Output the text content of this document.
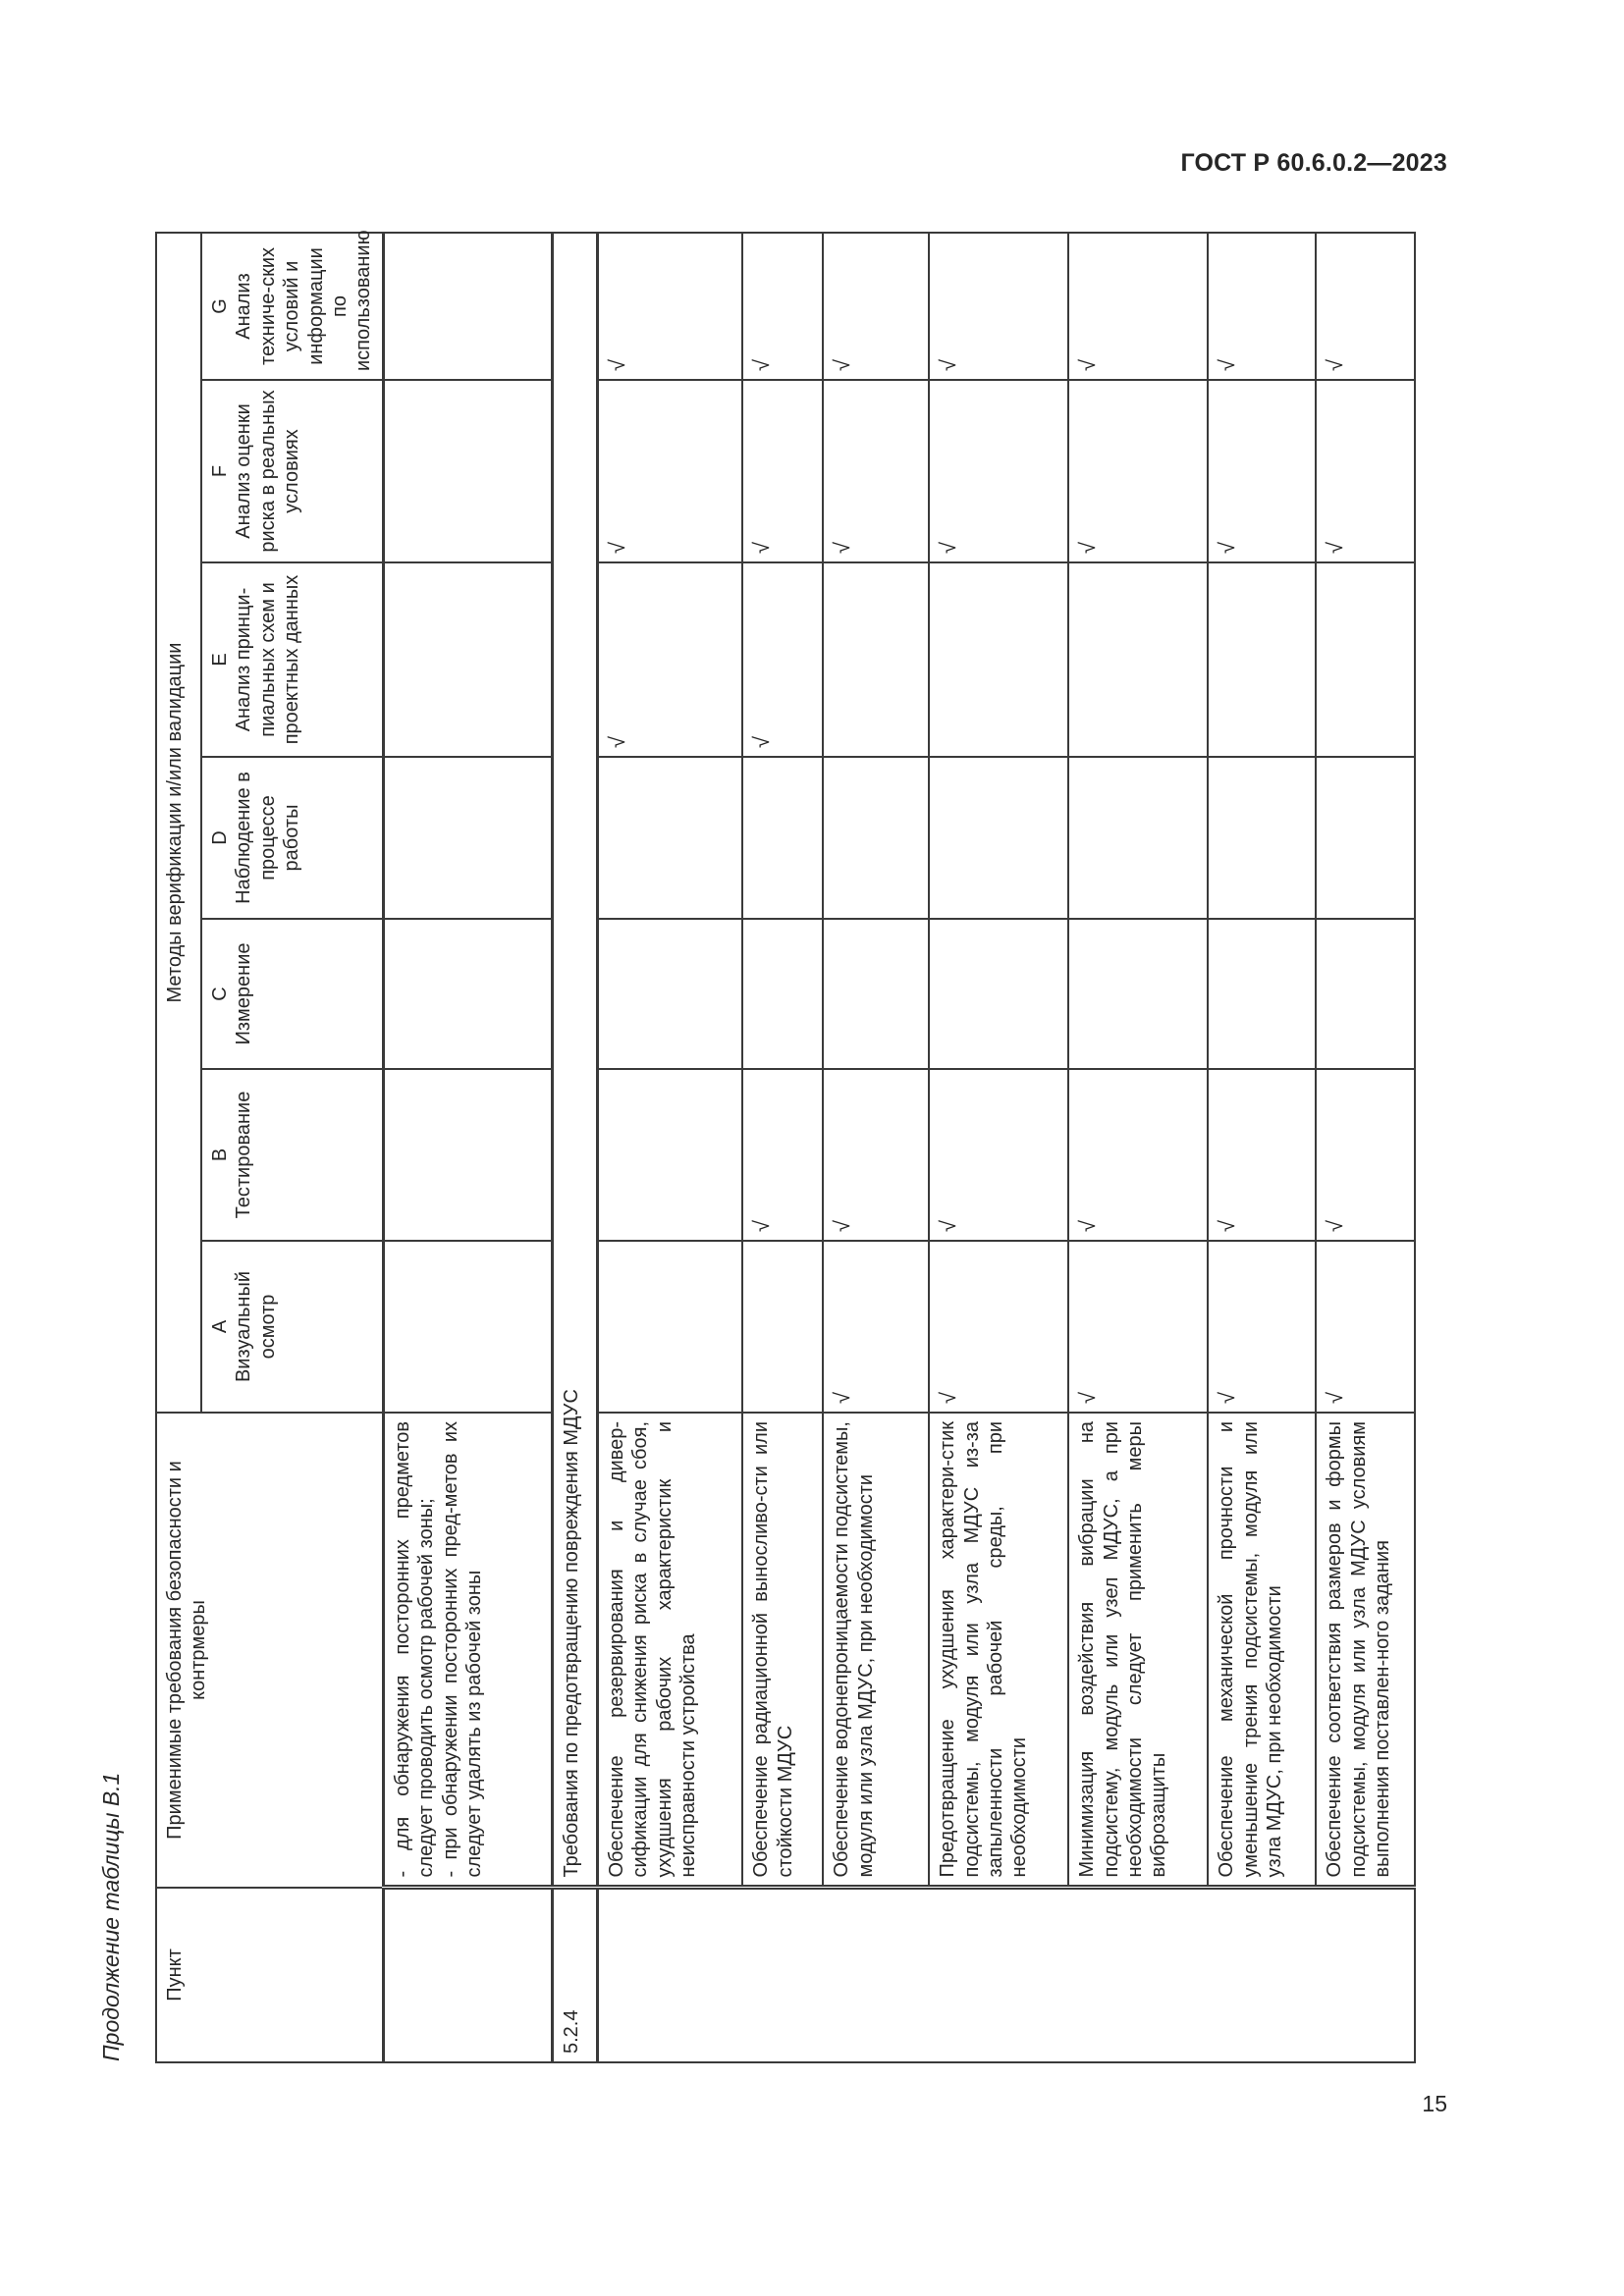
ГОСТ Р 60.6.0.2—2023
Продолжение таблицы В.1 Пункт	Применимые требования безопасности и контрмеры	Методы верификации и/или валидации						

		A Визуальный осмотр	B Тестирование	C Измерение	D Наблюдение в процессе работы	E Анализ принци-пиальных схем и проектных данных	F Анализ оценки риска в реальных условиях	G Анализ техниче-ских условий и информации по использованию

	- для обнаружения посторонних предметов следует проводить осмотр рабочей зоны;
- при обнаружении посторонних пред-метов их следует удалять из рабочей зоны							
5.2.4	Требования по предотвращению повреждения МДУС							
	Обеспечение резервирования и дивер-сификации для снижения риска в случае сбоя, ухудшения рабочих характеристик и неисправности устройства					√	√	√
	Обеспечение радиационной выносливо-сти или стойкости МДУС		√			√	√	√
	Обеспечение водонепроницаемости подсистемы, модуля или узла МДУС, при необходимости	√	√				√	√
	Предотвращение ухудшения характери-стик подсистемы, модуля или узла МДУС из-за запыленности рабочей среды, при необходимости	√	√				√	√
	Минимизация воздействия вибрации на подсистему, модуль или узел МДУС, а при необходимости следует применить меры виброзащиты	√	√				√	√
	Обеспечение механической прочности и уменьшение трения подсистемы, модуля или узла МДУС, при необходимости	√	√				√	√
	Обеспечение соответствия размеров и формы подсистемы, модуля или узла МДУС условиям выполнения поставлен-ного задания	√	√				√	√
15
